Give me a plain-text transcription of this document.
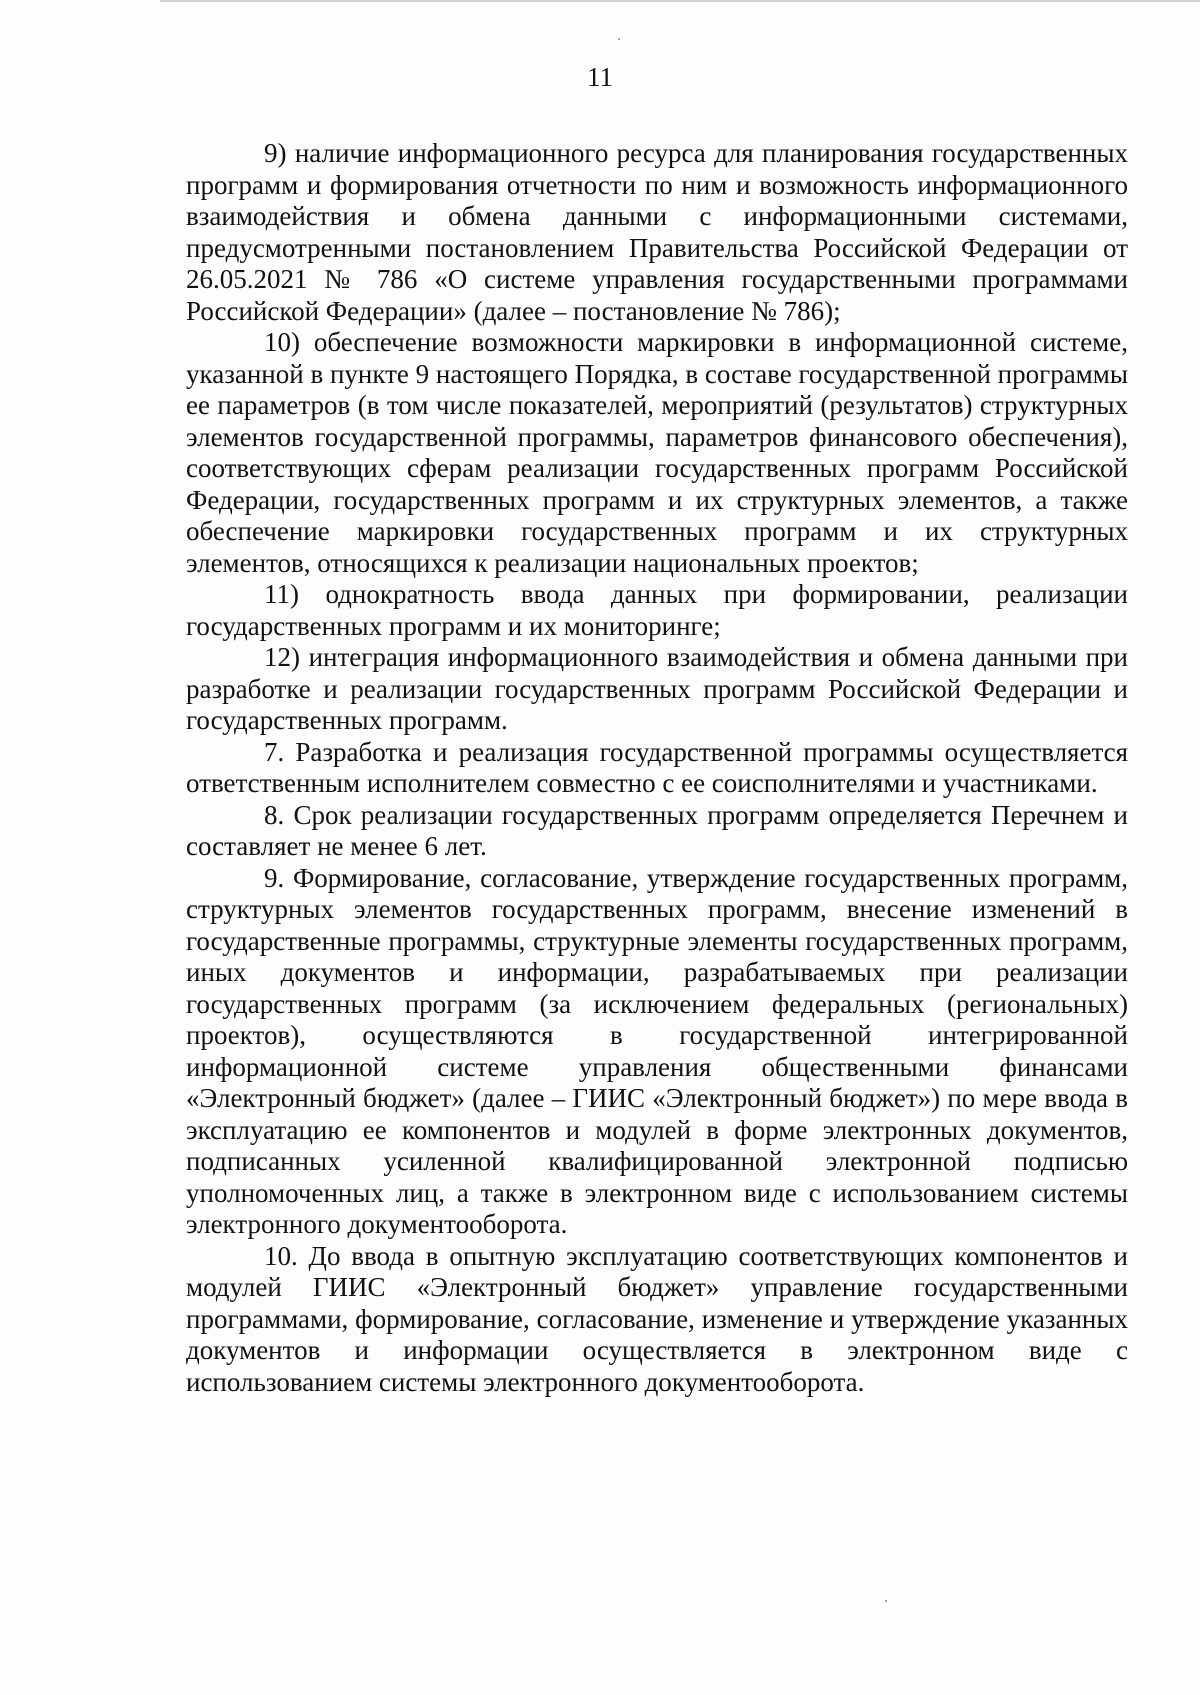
11

9) наличие информационного ресурса для планирования государственных программ и формирования отчетности по ним и возможность информационного взаимодействия и обмена данными с информационными системами, предусмотренными постановлением Правительства Российской Федерации от 26.05.2021 № 786 «О системе управления государственными программами Российской Федерации» (далее – постановление № 786);

10) обеспечение возможности маркировки в информационной системе, указанной в пункте 9 настоящего Порядка, в составе государственной программы ее параметров (в том числе показателей, мероприятий (результатов) структурных элементов государственной программы, параметров финансового обеспечения), соответствующих сферам реализации государственных программ Российской Федерации, государственных программ и их структурных элементов, а также обеспечение маркировки государственных программ и их структурных элементов, относящихся к реализации национальных проектов;

11) однократность ввода данных при формировании, реализации государственных программ и их мониторинге;

12) интеграция информационного взаимодействия и обмена данными при разработке и реализации государственных программ Российской Федерации и государственных программ.

7. Разработка и реализация государственной программы осуществляется ответственным исполнителем совместно с ее соисполнителями и участниками.

8. Срок реализации государственных программ определяется Перечнем и составляет не менее 6 лет.

9. Формирование, согласование, утверждение государственных программ, структурных элементов государственных программ, внесение изменений в государственные программы, структурные элементы государственных программ, иных документов и информации, разрабатываемых при реализации государственных программ (за исключением федеральных (региональных) проектов), осуществляются в государственной интегрированной информационной системе управления общественными финансами «Электронный бюджет» (далее – ГИИС «Электронный бюджет») по мере ввода в эксплуатацию ее компонентов и модулей в форме электронных документов, подписанных усиленной квалифицированной электронной подписью уполномоченных лиц, а также в электронном виде с использованием системы электронного документооборота.

10. До ввода в опытную эксплуатацию соответствующих компонентов и модулей ГИИС «Электронный бюджет» управление государственными программами, формирование, согласование, изменение и утверждение указанных документов и информации осуществляется в электронном виде с использованием системы электронного документооборота.
